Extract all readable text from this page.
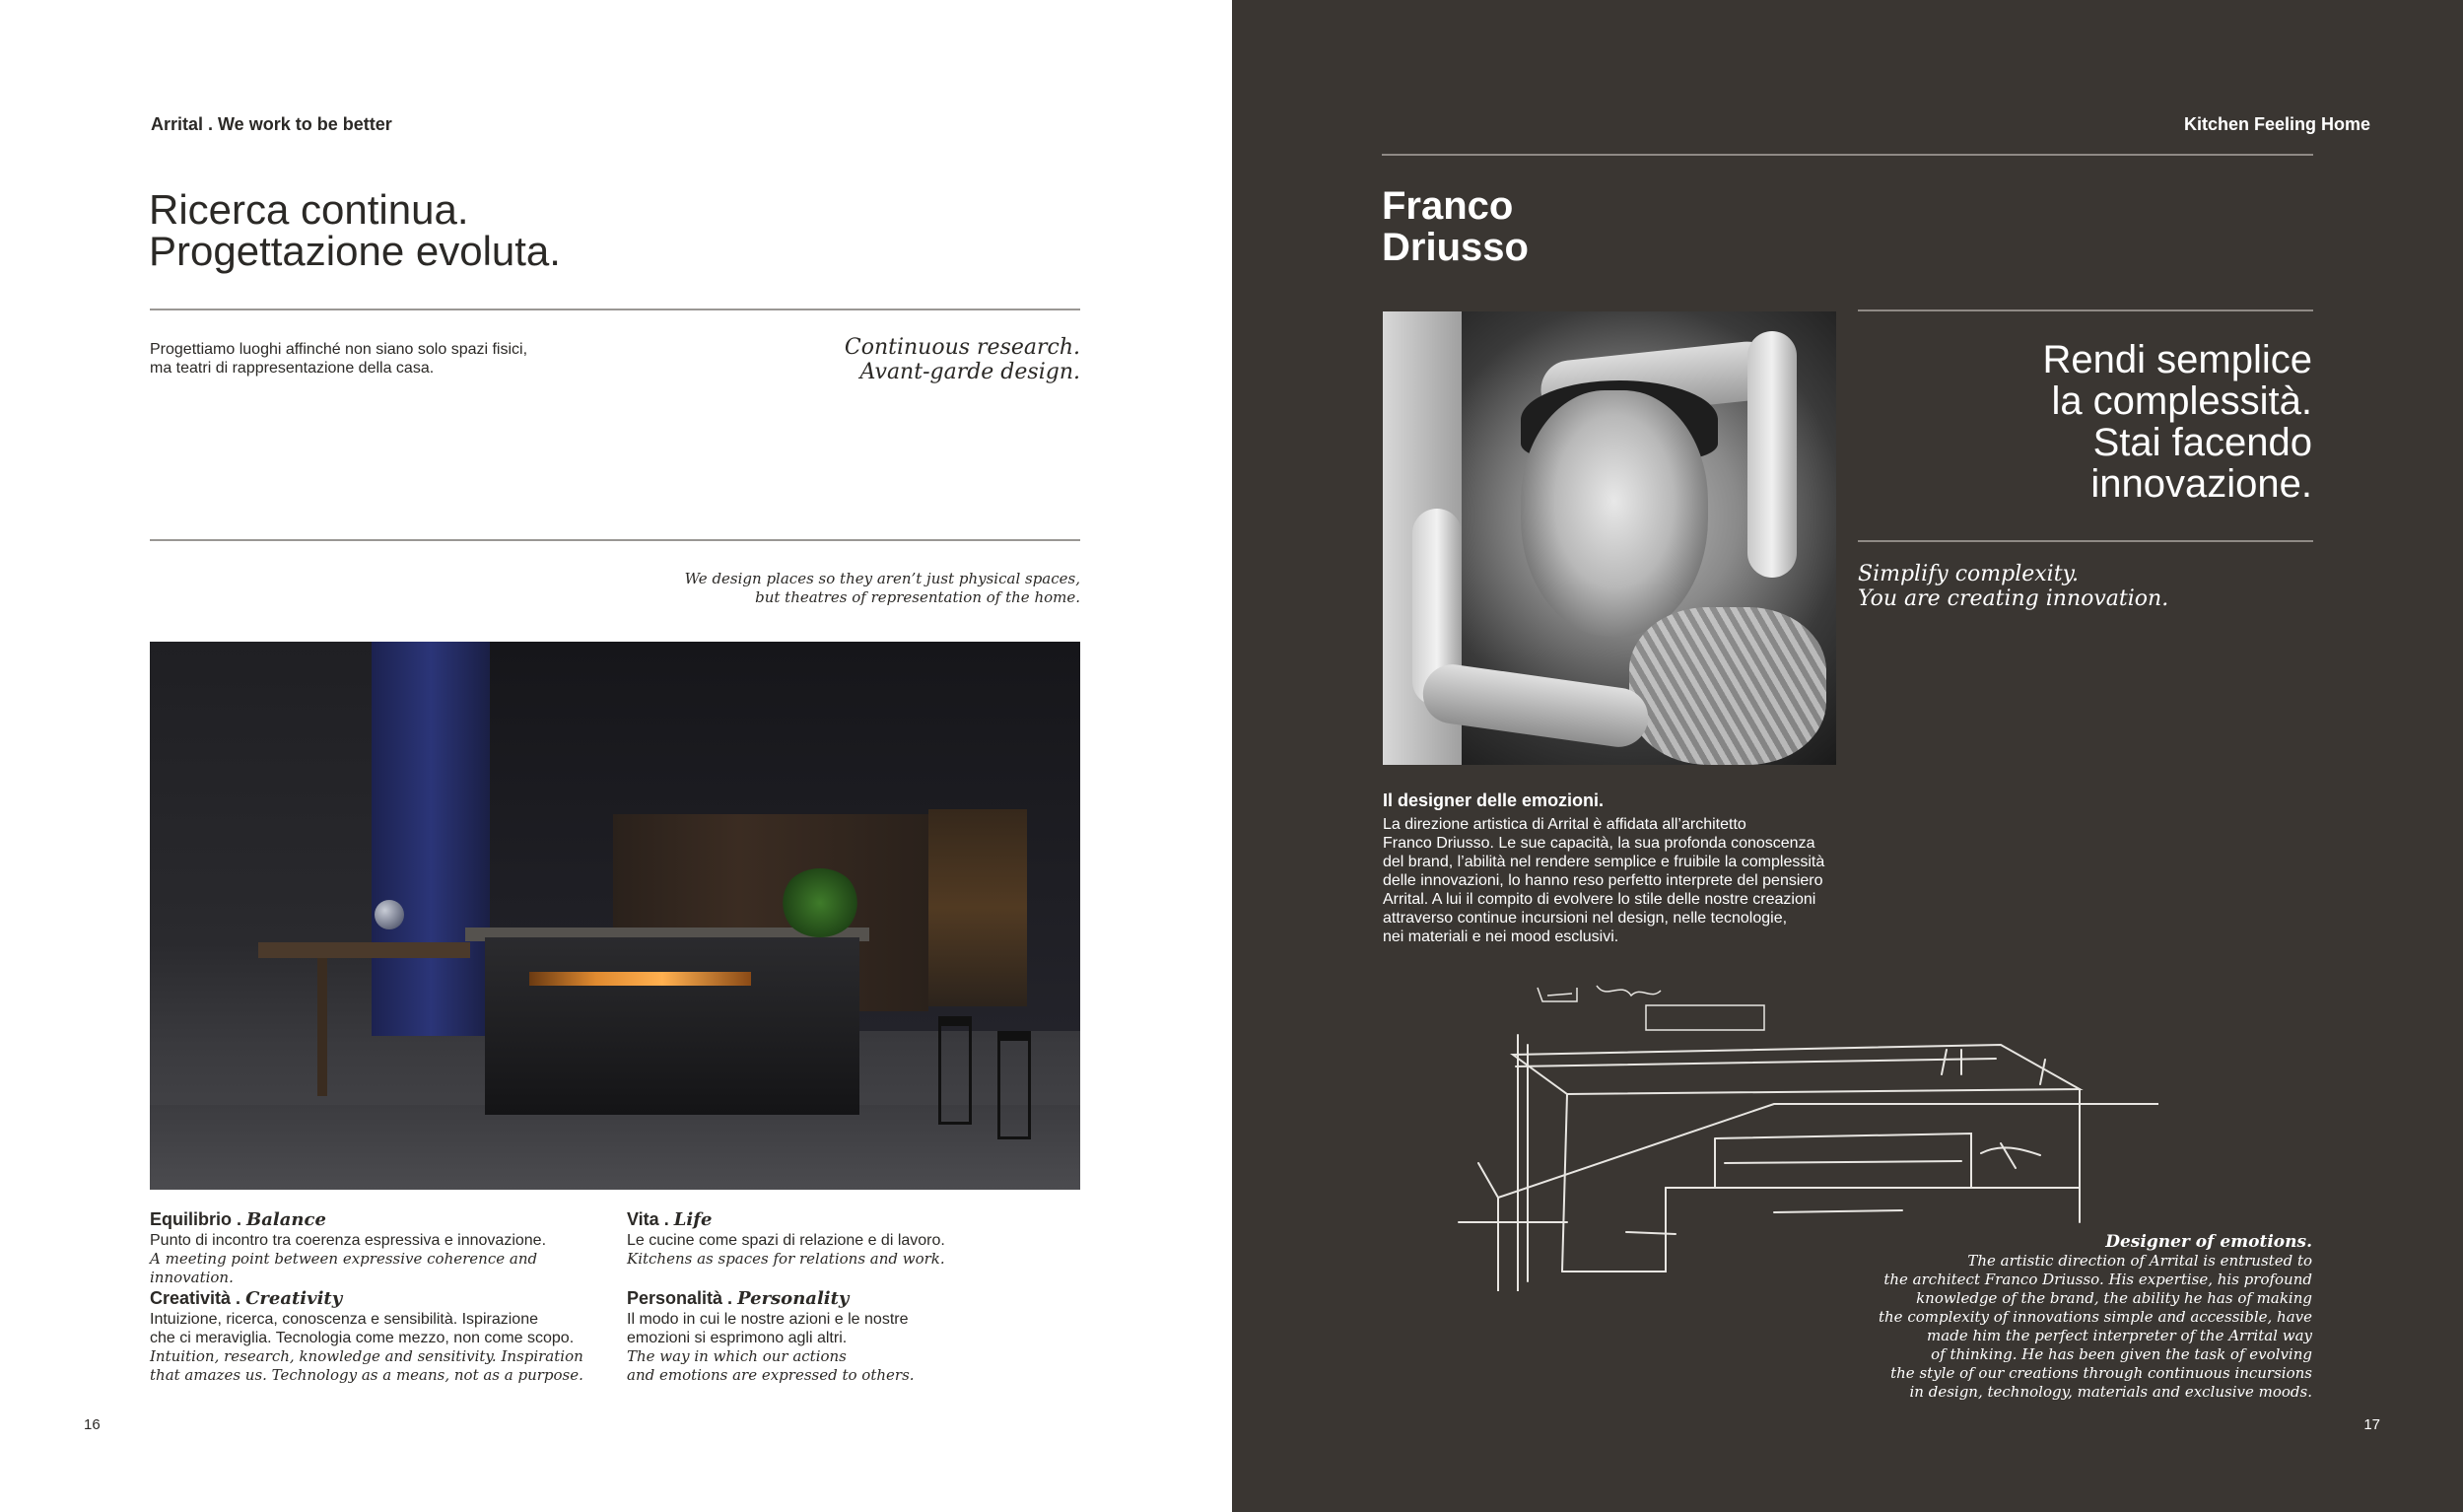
Arrital . We work to be better
Ricerca continua.
Progettazione evoluta.
Progettiamo luoghi affinché non siano solo spazi fisici,
ma teatri di rappresentazione della casa.
Continuous research.
Avant-garde design.
We design places so they aren’t just physical spaces,
but theatres of representation of the home.
Equilibrio . Balance
Punto di incontro tra coerenza espressiva e innovazione.
A meeting point between expressive coherence and innovation.
Vita . Life
Le cucine come spazi di relazione e di lavoro.
Kitchens as spaces for relations and work.
Creatività . Creativity
Intuizione, ricerca, conoscenza e sensibilità. Ispirazione
che ci meraviglia. Tecnologia come mezzo, non come scopo.
Intuition, research, knowledge and sensitivity. Inspiration
that amazes us. Technology as a means, not as a purpose.
Personalità . Personality
Il modo in cui le nostre azioni e le nostre
emozioni si esprimono agli altri.
The way in which our actions
and emotions are expressed to others.
16
Kitchen Feeling Home
Franco
Driusso
Rendi semplice
la complessità.
Stai facendo
innovazione.
Simplify complexity.
You are creating innovation.
Il designer delle emozioni.
La direzione artistica di Arrital è affidata all’architetto
Franco Driusso. Le sue capacità, la sua profonda conoscenza
del brand, l’abilità nel rendere semplice e fruibile la complessità
delle innovazioni, lo hanno reso perfetto interprete del pensiero
Arrital. A lui il compito di evolvere lo stile delle nostre creazioni
attraverso continue incursioni nel design, nelle tecnologie,
nei materiali e nei mood esclusivi.
Designer of emotions.
The artistic direction of Arrital is entrusted to
the architect Franco Driusso. His expertise, his profound
knowledge of the brand, the ability he has of making
the complexity of innovations simple and accessible, have
made him the perfect interpreter of the Arrital way
of thinking. He has been given the task of evolving
the style of our creations through continuous incursions
in design, technology, materials and exclusive moods.
17
